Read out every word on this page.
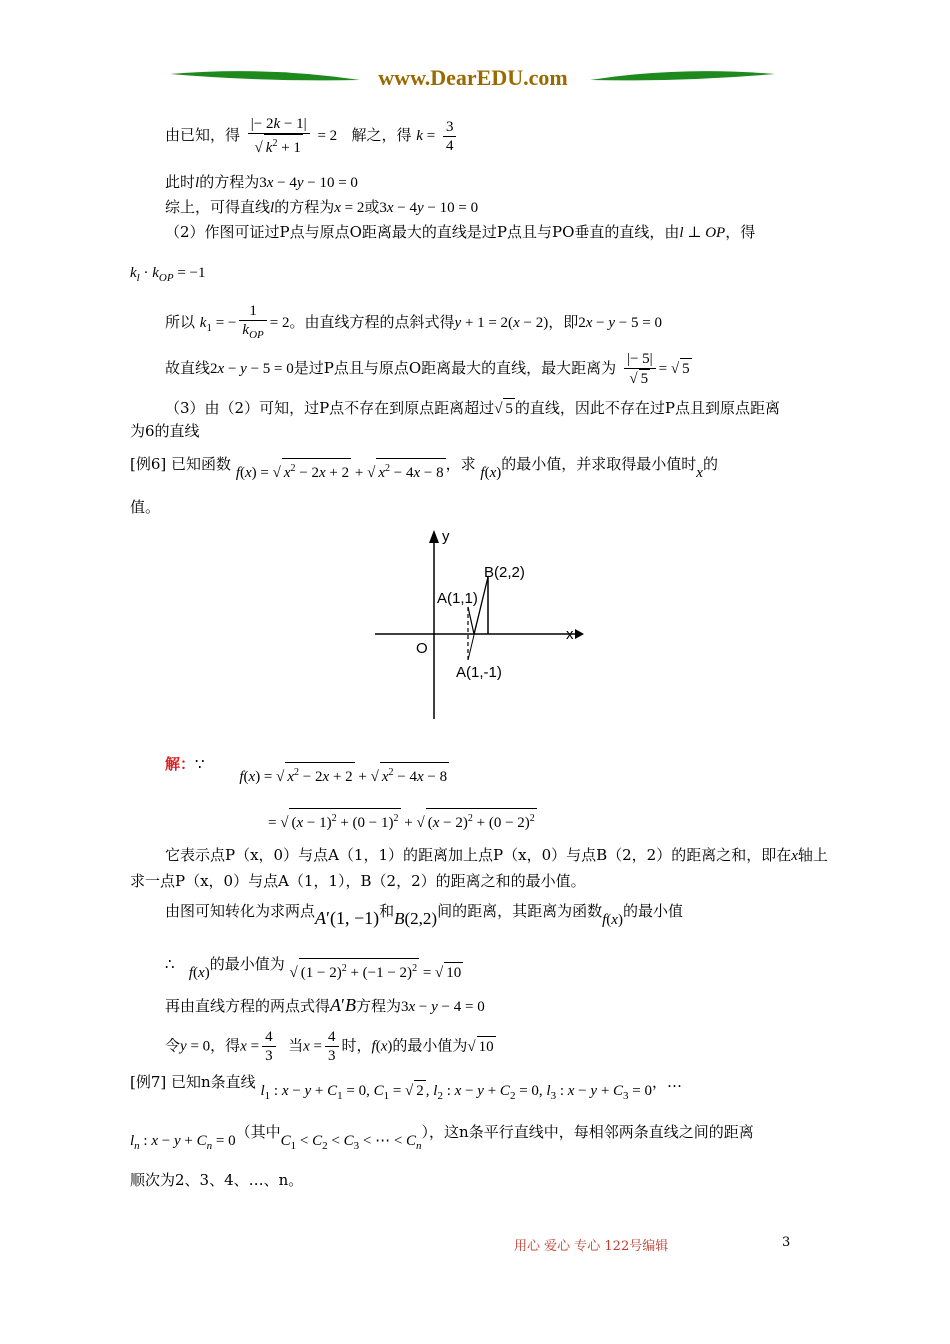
www.DearEDU.com
由已知，得 $\frac{|- 2k - 1|}{√ k^2 + 1} = 2$ 解之，得 $k = \frac{3}{4}$
此时l的方程为3x − 4y − 10 = 0
综上，可得直线l的方程为x = 2或3x − 4y − 10 = 0
（2）作图可证过P点与原点O距离最大的直线是过P点且与PO垂直的直线，由l ⊥ OP，得
$k_l \cdot k_{OP} = -1$
所以 $k_1$ = − $\frac{1}{k_{OP}} = 2$。由直线方程的点斜式得y + 1 = 2(x − 2)，即2x − y − 5 = 0
故直线2x − y − 5 = 0是过P点且与原点O距离最大的直线，最大距离为 $\frac{|- 5|}{√ 5}$ = √ 5
（3）由（2）可知，过P点不存在到原点距离超过√ 5 的直线，因此不存在过P点且到原点距离
为6的直线
[例6] 已知函数 f(x) = √ $x^2 - 2x + 2$ + √ $x^2 - 4x - 8$ ，求 f(x)的最小值，并求取得最小值时x的
值。
x
y
O
A(1,1)
B(2,2)
A(1,-1)
解：∵ f(x) = √ $x^2 - 2x + 2$ + √ $x^2 - 4x - 8$
= √ $(x - 1)^2 + (0 - 1)^2$ + √ $(x - 2)^2 + (0 - 2)^2$
它表示点P（x，0）与点A（1，1）的距离加上点P（x，0）与点B（2，2）的距离之和，即在x轴上
求一点P（x，0）与点A（1，1），B（2，2）的距离之和的最小值。
由图可知转化为求两点A′(1, −1)和B(2,2)间的距离，其距离为函数f(x)的最小值
∴ f(x)的最小值为 √ $(1 - 2)^2 + (-1 - 2)^2$ = √ 10
再由直线方程的两点式得A′B方程为3x − y − 4 = 0
令y = 0，得$x = \frac{4}{3}$ 当$x = \frac{4}{3}$ 时，f(x)的最小值为√ 10
[例7] 已知n条直线 $l_1$ : $x - y + C_1 = 0$, $C_1$ = √ 2 , $l_2$ : $x - y + C_2 = 0$, $l_3$ : $x - y + C_3 = 0$，…
$l_n$ : $x - y + C_n = 0$（其中$C_1 < C_2 < C_3$ < ⋯ < $C_n$），这n条平行直线中，每相邻两条直线之间的距离
顺次为2、3、4、…、n。
用心 爱心 专心 122号编辑	3
